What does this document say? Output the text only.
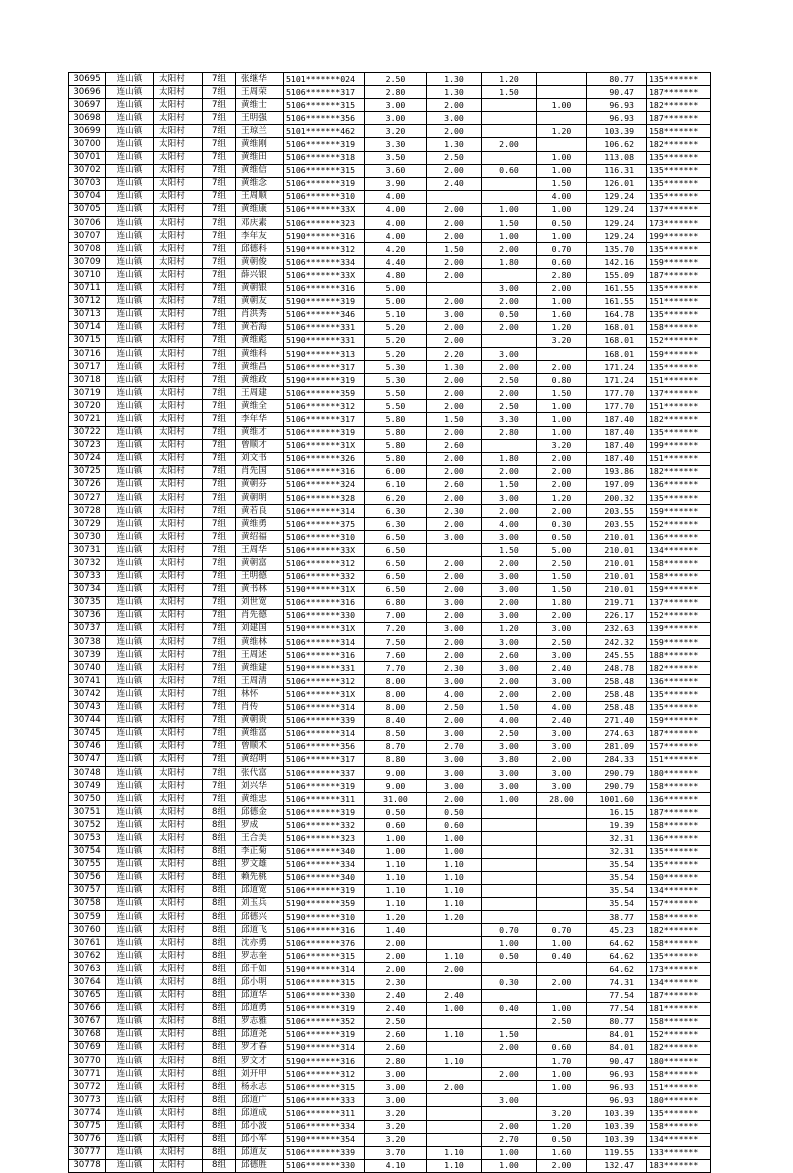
30695	连山镇	太阳村	7组	张继华	5101*******024	2.50	1.30	1.20		80.77	135*******
30696	连山镇	太阳村	7组	王周荣	5106*******317	2.80	1.30	1.50		90.47	187*******
30697	连山镇	太阳村	7组	黄维士	5106*******315	3.00	2.00		1.00	96.93	182*******
30698	连山镇	太阳村	7组	王明强	5106*******356	3.00	3.00			96.93	187*******
30699	连山镇	太阳村	7组	王琼兰	5101*******462	3.20	2.00		1.20	103.39	158*******
30700	连山镇	太阳村	7组	黄维刚	5106*******319	3.30	1.30	2.00		106.62	182*******
30701	连山镇	太阳村	7组	黄维田	5106*******318	3.50	2.50		1.00	113.08	135*******
30702	连山镇	太阳村	7组	黄维信	5106*******315	3.60	2.00	0.60	1.00	116.31	135*******
30703	连山镇	太阳村	7组	黄维念	5106*******319	3.90	2.40		1.50	126.01	135*******
30704	连山镇	太阳村	7组	王周顺	5106*******310	4.00			4.00	129.24	135*******
30705	连山镇	太阳村	7组	黄维康	5106*******33X	4.00	2.00	1.00	1.00	129.24	137*******
30706	连山镇	太阳村	7组	邓庆素	5106*******323	4.00	2.00	1.50	0.50	129.24	173*******
30707	连山镇	太阳村	7组	李年友	5190*******316	4.00	2.00	1.00	1.00	129.24	199*******
30708	连山镇	太阳村	7组	邱德科	5190*******312	4.20	1.50	2.00	0.70	135.70	135*******
30709	连山镇	太阳村	7组	黄朝俊	5106*******334	4.40	2.00	1.80	0.60	142.16	159*******
30710	连山镇	太阳村	7组	薛兴银	5106*******33X	4.80	2.00		2.80	155.09	187*******
30711	连山镇	太阳村	7组	黄朝银	5106*******316	5.00		3.00	2.00	161.55	135*******
30712	连山镇	太阳村	7组	黄朝友	5190*******319	5.00	2.00	2.00	1.00	161.55	151*******
30713	连山镇	太阳村	7组	肖洪秀	5106*******346	5.10	3.00	0.50	1.60	164.78	135*******
30714	连山镇	太阳村	7组	黄若海	5106*******331	5.20	2.00	2.00	1.20	168.01	158*******
30715	连山镇	太阳村	7组	黄维彪	5190*******331	5.20	2.00		3.20	168.01	152*******
30716	连山镇	太阳村	7组	黄维科	5190*******313	5.20	2.20	3.00		168.01	159*******
30717	连山镇	太阳村	7组	黄维昌	5106*******317	5.30	1.30	2.00	2.00	171.24	135*******
30718	连山镇	太阳村	7组	黄维政	5190*******319	5.30	2.00	2.50	0.80	171.24	151*******
30719	连山镇	太阳村	7组	王周建	5106*******359	5.50	2.00	2.00	1.50	177.70	137*******
30720	连山镇	太阳村	7组	黄维全	5106*******312	5.50	2.00	2.50	1.00	177.70	151*******
30721	连山镇	太阳村	7组	李年华	5106*******317	5.80	1.50	3.30	1.00	187.40	182*******
30722	连山镇	太阳村	7组	黄维才	5106*******319	5.80	2.00	2.80	1.00	187.40	135*******
30723	连山镇	太阳村	7组	曾顺才	5106*******31X	5.80	2.60		3.20	187.40	199*******
30724	连山镇	太阳村	7组	刘文书	5106*******326	5.80	2.00	1.80	2.00	187.40	151*******
30725	连山镇	太阳村	7组	肖先国	5106*******316	6.00	2.00	2.00	2.00	193.86	182*******
30726	连山镇	太阳村	7组	黄朝芬	5106*******324	6.10	2.60	1.50	2.00	197.09	136*******
30727	连山镇	太阳村	7组	黄朝明	5106*******328	6.20	2.00	3.00	1.20	200.32	135*******
30728	连山镇	太阳村	7组	黄若良	5106*******314	6.30	2.30	2.00	2.00	203.55	159*******
30729	连山镇	太阳村	7组	黄维勇	5106*******375	6.30	2.00	4.00	0.30	203.55	152*******
30730	连山镇	太阳村	7组	黄绍福	5106*******310	6.50	3.00	3.00	0.50	210.01	136*******
30731	连山镇	太阳村	7组	王周华	5106*******33X	6.50		1.50	5.00	210.01	134*******
30732	连山镇	太阳村	7组	黄朝富	5106*******312	6.50	2.00	2.00	2.50	210.01	158*******
30733	连山镇	太阳村	7组	王明德	5106*******332	6.50	2.00	3.00	1.50	210.01	158*******
30734	连山镇	太阳村	7组	黄书林	5190*******31X	6.50	2.00	3.00	1.50	210.01	159*******
30735	连山镇	太阳村	7组	刘世宽	5106*******316	6.80	3.00	2.00	1.80	219.71	137*******
30736	连山镇	太阳村	7组	肖先德	5106*******330	7.00	2.00	3.00	2.00	226.17	152*******
30737	连山镇	太阳村	7组	刘建国	5190*******31X	7.20	3.00	1.20	3.00	232.63	139*******
30738	连山镇	太阳村	7组	黄维林	5106*******314	7.50	2.00	3.00	2.50	242.32	159*******
30739	连山镇	太阳村	7组	王周述	5106*******316	7.60	2.00	2.60	3.00	245.55	188*******
30740	连山镇	太阳村	7组	黄维建	5190*******331	7.70	2.30	3.00	2.40	248.78	182*******
30741	连山镇	太阳村	7组	王周清	5106*******312	8.00	3.00	2.00	3.00	258.48	136*******
30742	连山镇	太阳村	7组	林怀	5106*******31X	8.00	4.00	2.00	2.00	258.48	135*******
30743	连山镇	太阳村	7组	肖传	5106*******314	8.00	2.50	1.50	4.00	258.48	135*******
30744	连山镇	太阳村	7组	黄朝贵	5106*******339	8.40	2.00	4.00	2.40	271.40	159*******
30745	连山镇	太阳村	7组	黄维富	5106*******314	8.50	3.00	2.50	3.00	274.63	187*******
30746	连山镇	太阳村	7组	曾顺术	5106*******356	8.70	2.70	3.00	3.00	281.09	157*******
30747	连山镇	太阳村	7组	黄绍明	5106*******317	8.80	3.00	3.80	2.00	284.33	151*******
30748	连山镇	太阳村	7组	张代富	5106*******337	9.00	3.00	3.00	3.00	290.79	180*******
30749	连山镇	太阳村	7组	刘兴华	5106*******319	9.00	3.00	3.00	3.00	290.79	158*******
30750	连山镇	太阳村	7组	黄维忠	5106*******311	31.00	2.00	1.00	28.00	1001.60	136*******
30751	连山镇	太阳村	8组	邱德金	5106*******319	0.50	0.50			16.15	187*******
30752	连山镇	太阳村	8组	罗成	5106*******332	0.60	0.60			19.39	158*******
30753	连山镇	太阳村	8组	王合美	5106*******323	1.00	1.00			32.31	136*******
30754	连山镇	太阳村	8组	李正菊	5106*******340	1.00	1.00			32.31	135*******
30755	连山镇	太阳村	8组	罗文雄	5106*******334	1.10	1.10			35.54	135*******
30756	连山镇	太阳村	8组	赖先桃	5106*******340	1.10	1.10			35.54	150*******
30757	连山镇	太阳村	8组	邱道宽	5106*******319	1.10	1.10			35.54	134*******
30758	连山镇	太阳村	8组	刘玉兵	5190*******359	1.10	1.10			35.54	157*******
30759	连山镇	太阳村	8组	邱德兴	5190*******310	1.20	1.20			38.77	158*******
30760	连山镇	太阳村	8组	邱道飞	5106*******316	1.40		0.70	0.70	45.23	182*******
30761	连山镇	太阳村	8组	沈亦勇	5106*******376	2.00		1.00	1.00	64.62	158*******
30762	连山镇	太阳村	8组	罗志奎	5106*******315	2.00	1.10	0.50	0.40	64.62	135*******
30763	连山镇	太阳村	8组	邱千如	5190*******314	2.00	2.00			64.62	173*******
30764	连山镇	太阳村	8组	邱小明	5106*******315	2.30		0.30	2.00	74.31	134*******
30765	连山镇	太阳村	8组	邱道华	5106*******330	2.40	2.40			77.54	187*******
30766	连山镇	太阳村	8组	邱道勇	5106*******319	2.40	1.00	0.40	1.00	77.54	181*******
30767	连山镇	太阳村	8组	罗志雅	5106*******352	2.50			2.50	80.77	158*******
30768	连山镇	太阳村	8组	邱道尧	5106*******319	2.60	1.10	1.50		84.01	152*******
30769	连山镇	太阳村	8组	罗才春	5190*******314	2.60		2.00	0.60	84.01	182*******
30770	连山镇	太阳村	8组	罗文才	5190*******316	2.80	1.10		1.70	90.47	180*******
30771	连山镇	太阳村	8组	刘开甲	5106*******312	3.00		2.00	1.00	96.93	158*******
30772	连山镇	太阳村	8组	杨永志	5106*******315	3.00	2.00		1.00	96.93	151*******
30773	连山镇	太阳村	8组	邱道广	5106*******333	3.00		3.00		96.93	180*******
30774	连山镇	太阳村	8组	邱道成	5106*******311	3.20			3.20	103.39	135*******
30775	连山镇	太阳村	8组	邱小波	5106*******334	3.20		2.00	1.20	103.39	158*******
30776	连山镇	太阳村	8组	邱小军	5190*******354	3.20		2.70	0.50	103.39	134*******
30777	连山镇	太阳村	8组	邱道友	5106*******339	3.70	1.10	1.00	1.60	119.55	133*******
30778	连山镇	太阳村	8组	邱德胜	5106*******330	4.10	1.10	1.00	2.00	132.47	183*******
